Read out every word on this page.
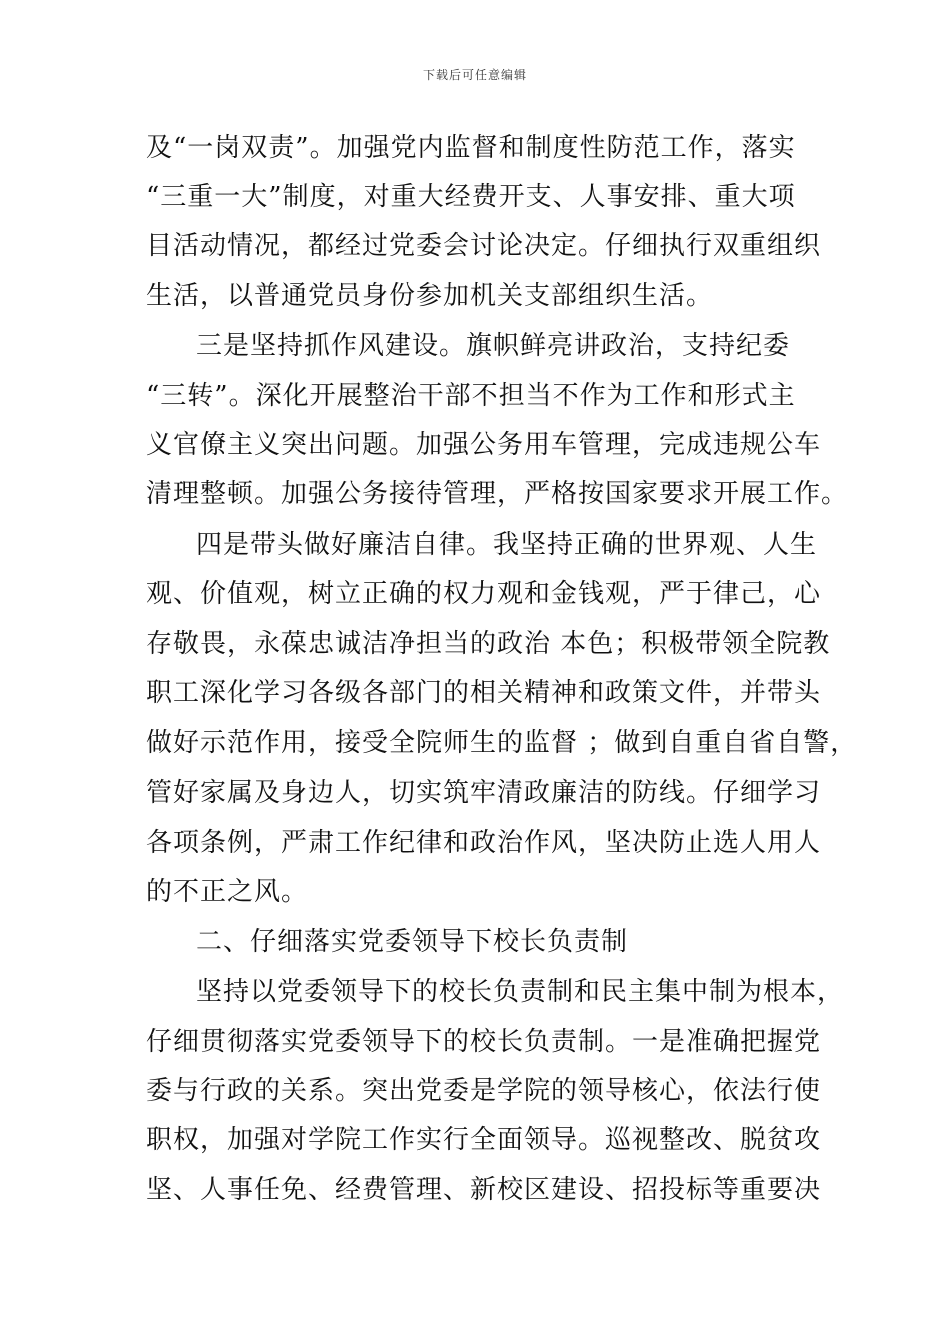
下载后可任意编辑
及“一岗双责”。加强党内监督和制度性防范工作，落实
“三重一大”制度，对重大经费开支、人事安排、重大项
目活动情况，都经过党委会讨论决定。仔细执行双重组织
生活，以普通党员身份参加机关支部组织生活。
三是坚持抓作风建设。旗帜鲜亮讲政治，支持纪委
“三转”。深化开展整治干部不担当不作为工作和形式主
义官僚主义突出问题。加强公务用车管理，完成违规公车
清理整顿。加强公务接待管理，严格按国家要求开展工作。
四是带头做好廉洁自律。我坚持正确的世界观、人生
观、价值观，树立正确的权力观和金钱观，严于律己，心
存敬畏，永葆忠诚洁净担当的政治 本色；积极带领全院教
职工深化学习各级各部门的相关精神和政策文件，并带头
做好示范作用，接受全院师生的监督 ；做到自重自省自警，
管好家属及身边人，切实筑牢清政廉洁的防线。仔细学习
各项条例，严肃工作纪律和政治作风，坚决防止选人用人
的不正之风。
二、仔细落实党委领导下校长负责制
坚持以党委领导下的校长负责制和民主集中制为根本，
仔细贯彻落实党委领导下的校长负责制。一是准确把握党
委与行政的关系。突出党委是学院的领导核心，依法行使
职权，加强对学院工作实行全面领导。巡视整改、脱贫攻
坚、人事任免、经费管理、新校区建设、招投标等重要决
